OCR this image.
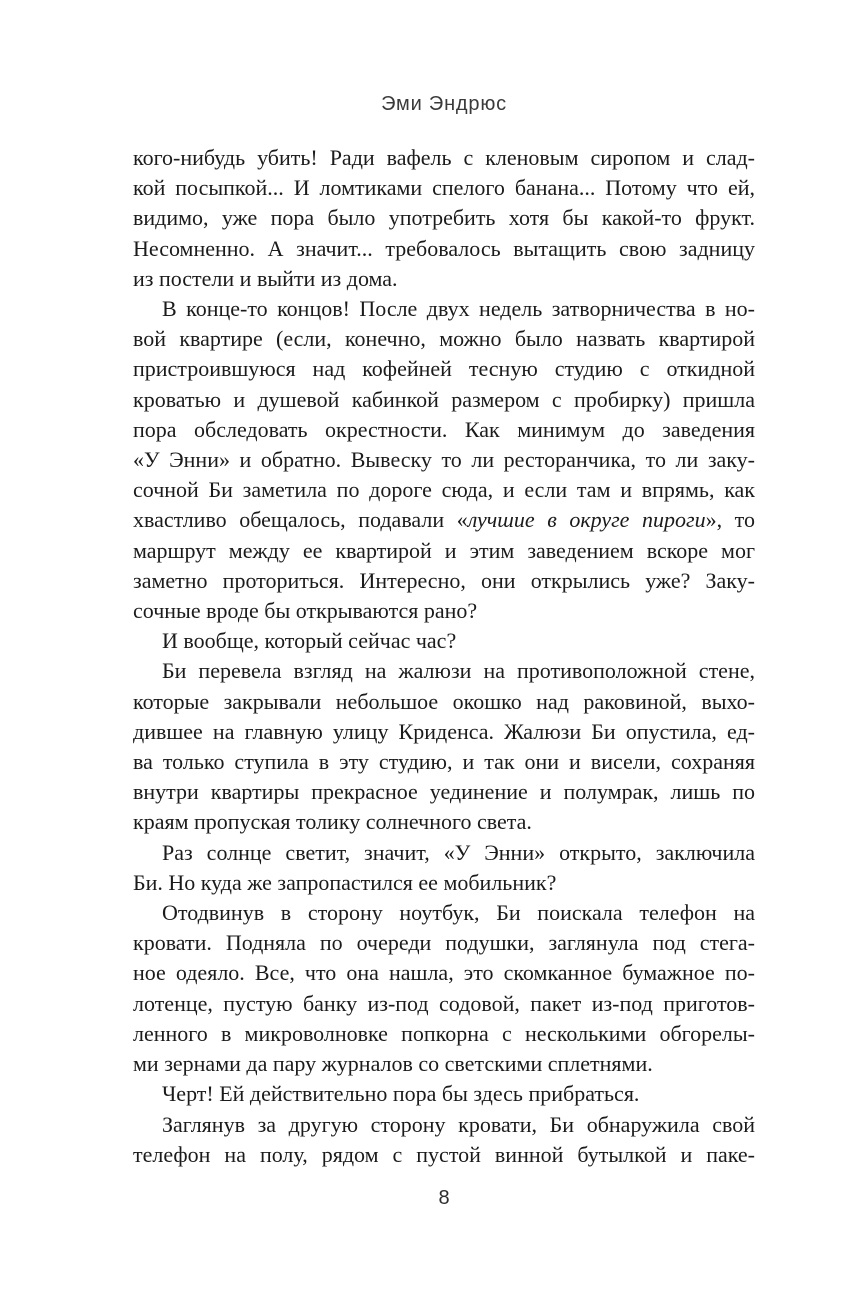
Эми Эндрюс
кого-нибудь убить! Ради вафель с кленовым сиропом и слад-
кой посыпкой... И ломтиками спелого банана... Потому что ей,
видимо, уже пора было употребить хотя бы какой-то фрукт.
Несомненно. А значит... требовалось вытащить свою задницу
из постели и выйти из дома.
В конце-то концов! После двух недель затворничества в но-
вой квартире (если, конечно, можно было назвать квартирой
пристроившуюся над кофейней тесную студию с откидной
кроватью и душевой кабинкой размером с пробирку) пришла
пора обследовать окрестности. Как минимум до заведения
«У Энни» и обратно. Вывеску то ли ресторанчика, то ли заку-
сочной Би заметила по дороге сюда, и если там и впрямь, как
хвастливо обещалось, подавали «лучшие в округе пироги», то
маршрут между ее квартирой и этим заведением вскоре мог
заметно проториться. Интересно, они открылись уже? Заку-
сочные вроде бы открываются рано?
И вообще, который сейчас час?
Би перевела взгляд на жалюзи на противоположной стене,
которые закрывали небольшое окошко над раковиной, выхо-
дившее на главную улицу Криденса. Жалюзи Би опустила, ед-
ва только ступила в эту студию, и так они и висели, сохраняя
внутри квартиры прекрасное уединение и полумрак, лишь по
краям пропуская толику солнечного света.
Раз солнце светит, значит, «У Энни» открыто, заключила
Би. Но куда же запропастился ее мобильник?
Отодвинув в сторону ноутбук, Би поискала телефон на
кровати. Подняла по очереди подушки, заглянула под стега-
ное одеяло. Все, что она нашла, это скомканное бумажное по-
лотенце, пустую банку из-под содовой, пакет из-под приготов-
ленного в микроволновке попкорна с несколькими обгорелы-
ми зернами да пару журналов со светскими сплетнями.
Черт! Ей действительно пора бы здесь прибраться.
Заглянув за другую сторону кровати, Би обнаружила свой
телефон на полу, рядом с пустой винной бутылкой и паке-
8
